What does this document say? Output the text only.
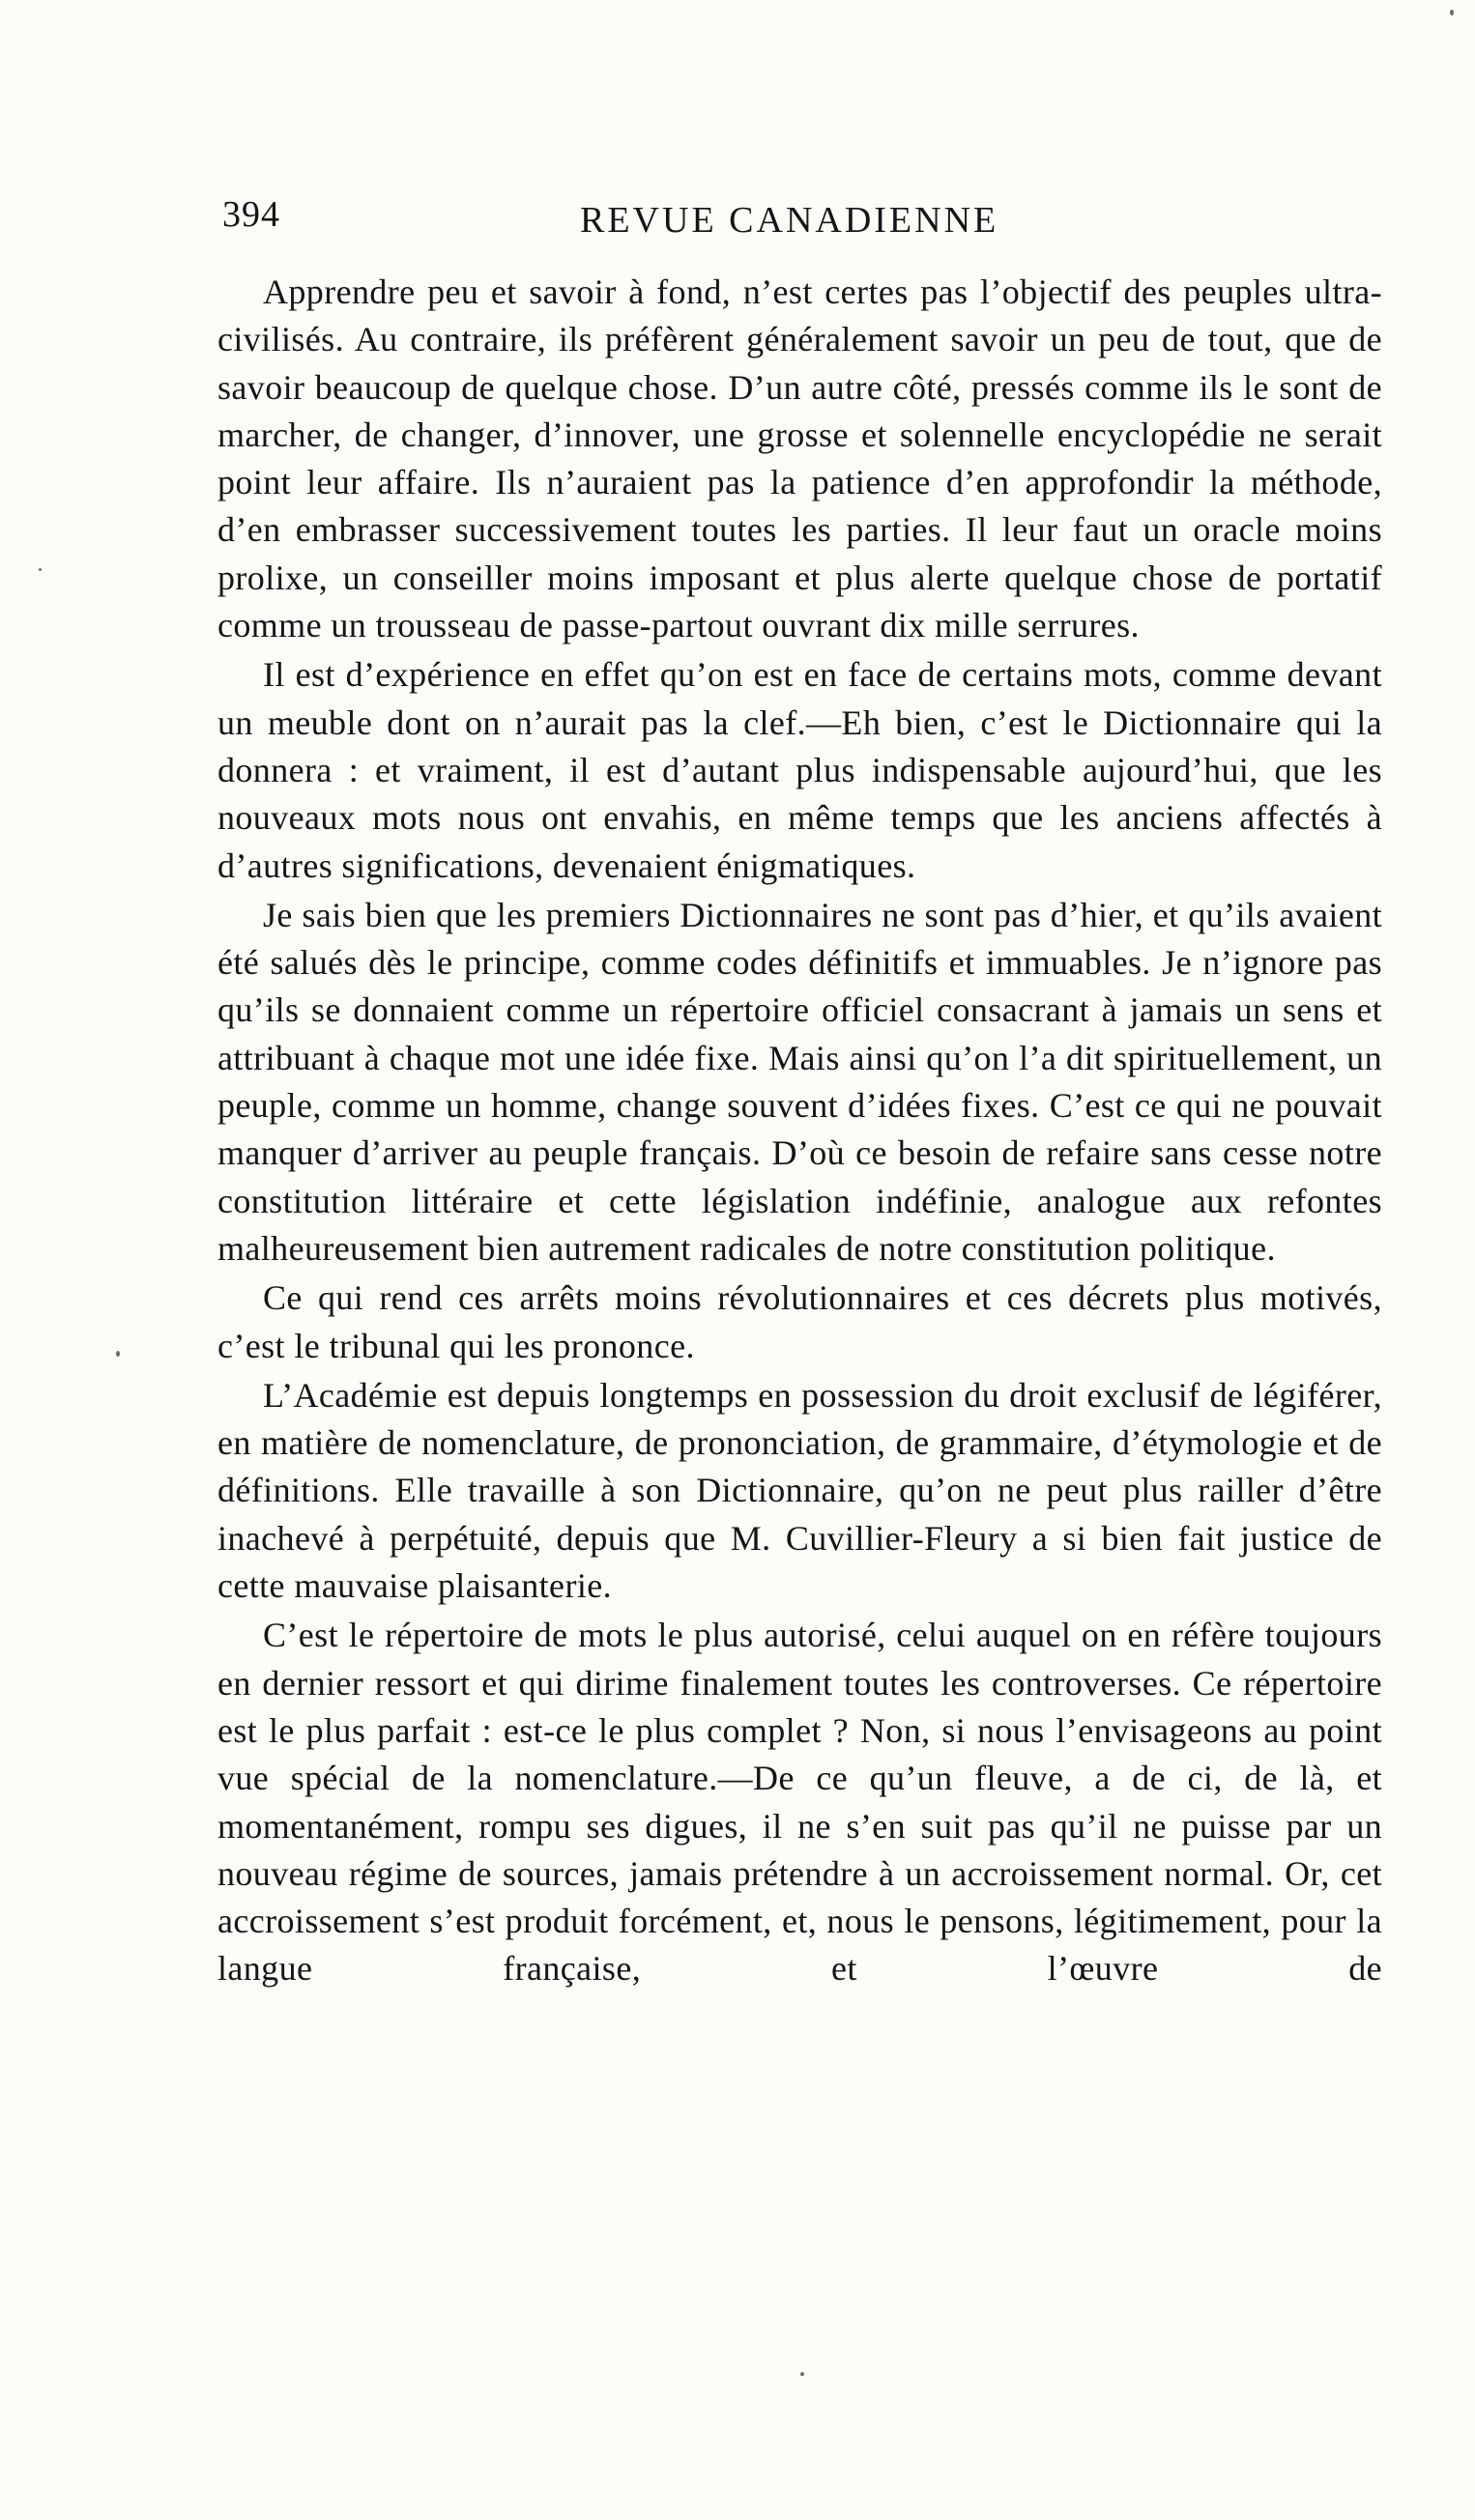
394	REVUE CANADIENNE

Apprendre peu et savoir à fond, n’est certes pas l’objectif des peuples ultra-civilisés. Au contraire, ils préfèrent généralement savoir un peu de tout, que de savoir beaucoup de quelque chose. D’un autre côté, pressés comme ils le sont de marcher, de changer, d’innover, une grosse et solennelle encyclopédie ne serait point leur affaire. Ils n’auraient pas la patience d’en approfondir la méthode, d’en embrasser successivement toutes les parties. Il leur faut un oracle moins prolixe, un conseiller moins imposant et plus alerte quelque chose de portatif comme un trousseau de passe-partout ouvrant dix mille serrures.

Il est d’expérience en effet qu’on est en face de certains mots, comme devant un meuble dont on n’aurait pas la clef.—Eh bien, c’est le Dictionnaire qui la donnera : et vraiment, il est d’autant plus indispensable aujourd’hui, que les nouveaux mots nous ont envahis, en même temps que les anciens affectés à d’autres significations, devenaient énigmatiques.

Je sais bien que les premiers Dictionnaires ne sont pas d’hier, et qu’ils avaient été salués dès le principe, comme codes définitifs et immuables. Je n’ignore pas qu’ils se donnaient comme un répertoire officiel consacrant à jamais un sens et attribuant à chaque mot une idée fixe. Mais ainsi qu’on l’a dit spirituellement, un peuple, comme un homme, change souvent d’idées fixes. C’est ce qui ne pouvait manquer d’arriver au peuple français. D’où ce besoin de refaire sans cesse notre constitution littéraire et cette législation indéfinie, analogue aux refontes malheureusement bien autrement radicales de notre constitution politique.

Ce qui rend ces arrêts moins révolutionnaires et ces décrets plus motivés, c’est le tribunal qui les prononce.

L’Académie est depuis longtemps en possession du droit exclusif de légiférer, en matière de nomenclature, de prononciation, de grammaire, d’étymologie et de définitions. Elle travaille à son Dictionnaire, qu’on ne peut plus railler d’être inachevé à perpétuité, depuis que M. Cuvillier-Fleury a si bien fait justice de cette mauvaise plaisanterie.

C’est le répertoire de mots le plus autorisé, celui auquel on en réfère toujours en dernier ressort et qui dirime finalement toutes les controverses. Ce répertoire est le plus parfait : est-ce le plus complet ? Non, si nous l’envisageons au point vue spécial de la nomenclature.—De ce qu’un fleuve, a de ci, de là, et momentanément, rompu ses digues, il ne s’en suit pas qu’il ne puisse par un nouveau régime de sources, jamais prétendre à un accroissement normal. Or, cet accroissement s’est produit forcément, et, nous le pensons, légitimement, pour la langue française, et l’œuvre de
